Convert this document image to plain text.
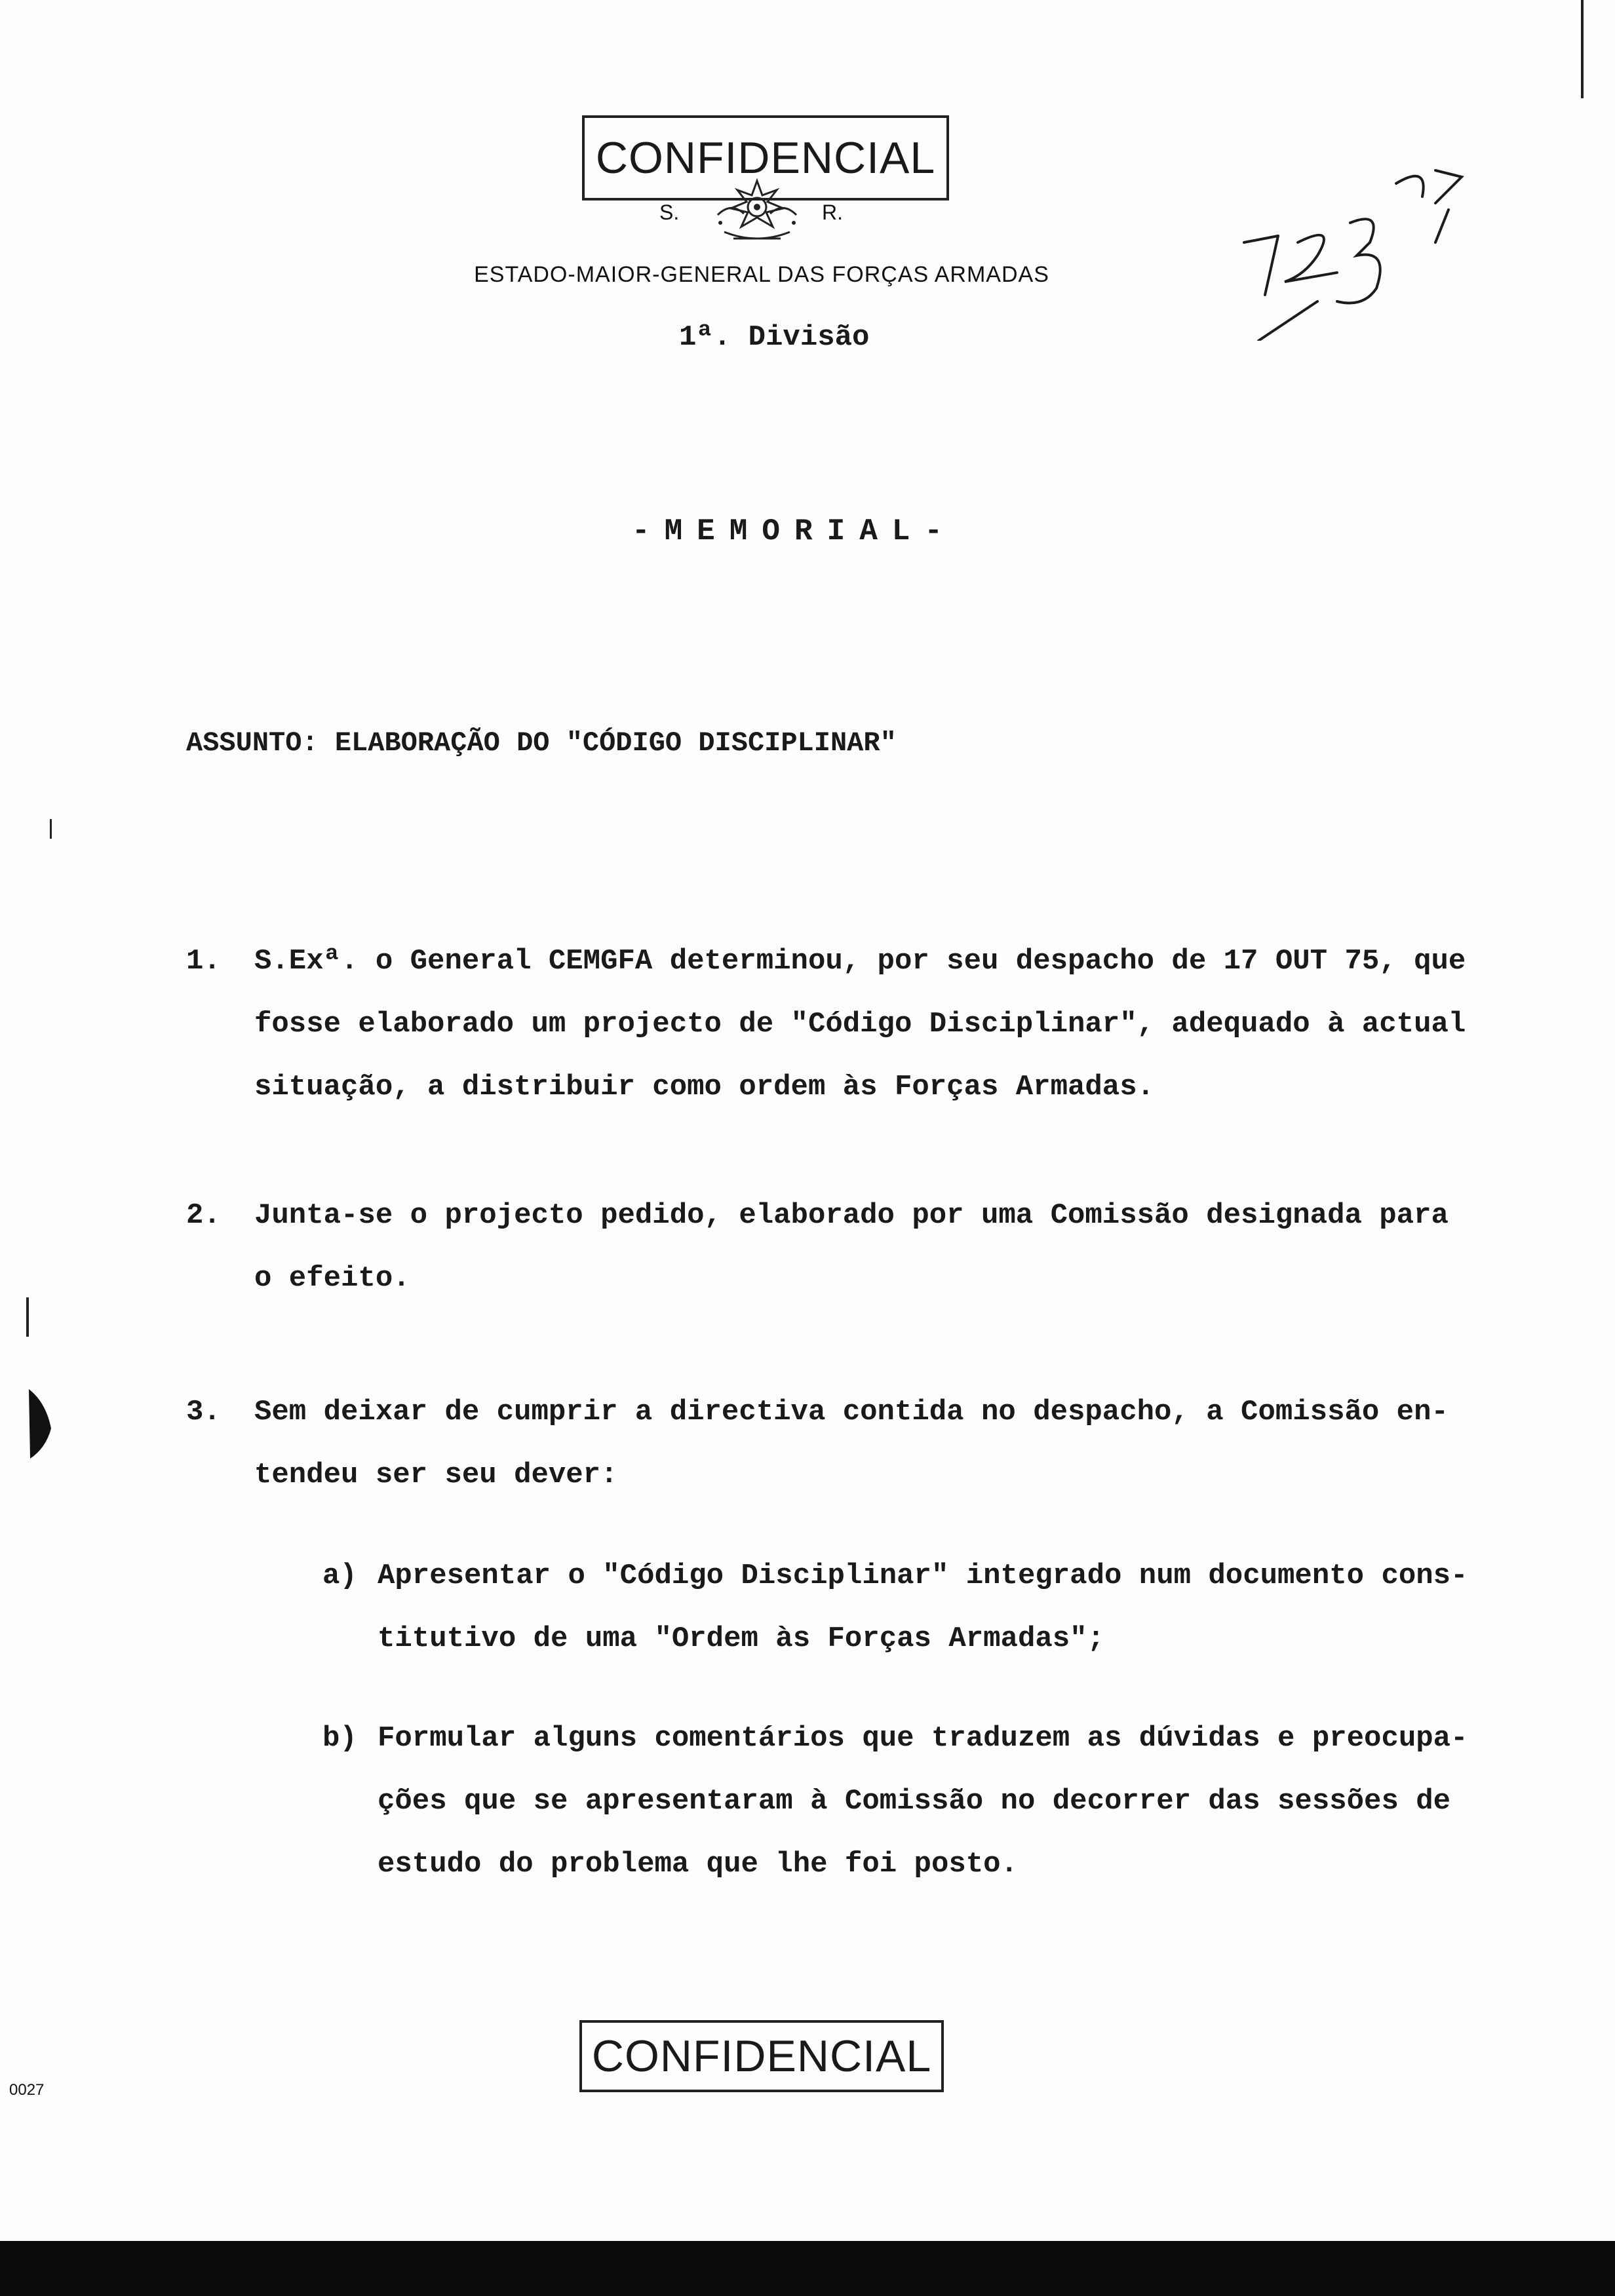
CONFIDENCIAL
S.	R.
ESTADO-MAIOR-GENERAL DAS FORÇAS ARMADAS
1ª. Divisão
327
-MEMORIAL-
ASSUNTO: ELABORAÇÃO DO "CÓDIGO DISCIPLINAR"
1. S.Exª. o General CEMGFA determinou, por seu despacho de 17 OUT 75, que
fosse elaborado um projecto de "Código Disciplinar", adequado à actual
situação, a distribuir como ordem às Forças Armadas.
2. Junta-se o projecto pedido, elaborado por uma Comissão designada para
o efeito.
3. Sem deixar de cumprir a directiva contida no despacho, a Comissão en-
tendeu ser seu dever:
a) Apresentar o "Código Disciplinar" integrado num documento cons-
titutivo de uma "Ordem às Forças Armadas";
b) Formular alguns comentários que traduzem as dúvidas e preocupa-
ções que se apresentaram à Comissão no decorrer das sessões de
estudo do problema que lhe foi posto.
CONFIDENCIAL
0027
